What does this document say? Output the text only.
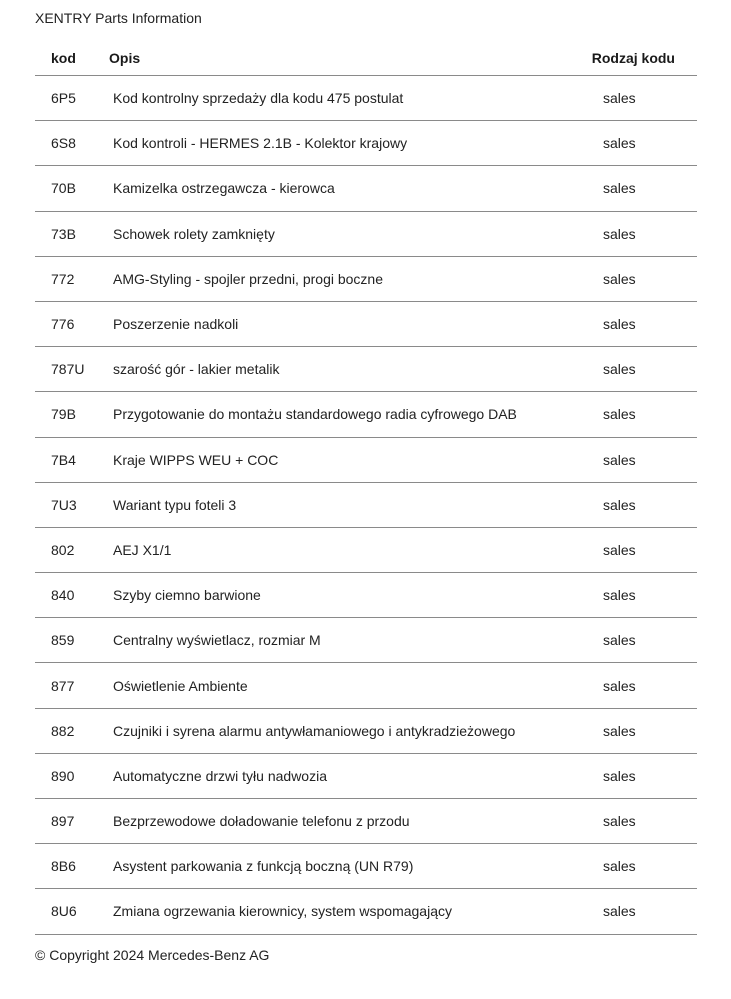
XENTRY Parts Information
kod	Opis	Rodzaj kodu
6P5	Kod kontrolny sprzedaży dla kodu 475 postulat	sales
6S8	Kod kontroli - HERMES 2.1B - Kolektor krajowy	sales
70B	Kamizelka ostrzegawcza - kierowca	sales
73B	Schowek rolety zamknięty	sales
772	AMG-Styling - spojler przedni, progi boczne	sales
776	Poszerzenie nadkoli	sales
787U	szarość gór - lakier metalik	sales
79B	Przygotowanie do montażu standardowego radia cyfrowego DAB	sales
7B4	Kraje WIPPS WEU + COC	sales
7U3	Wariant typu foteli 3	sales
802	AEJ X1/1	sales
840	Szyby ciemno barwione	sales
859	Centralny wyświetlacz, rozmiar M	sales
877	Oświetlenie Ambiente	sales
882	Czujniki i syrena alarmu antywłamaniowego i antykradzieżowego	sales
890	Automatyczne drzwi tyłu nadwozia	sales
897	Bezprzewodowe doładowanie telefonu z przodu	sales
8B6	Asystent parkowania z funkcją boczną (UN R79)	sales
8U6	Zmiana ogrzewania kierownicy, system wspomagający	sales
© Copyright 2024 Mercedes-Benz AG
